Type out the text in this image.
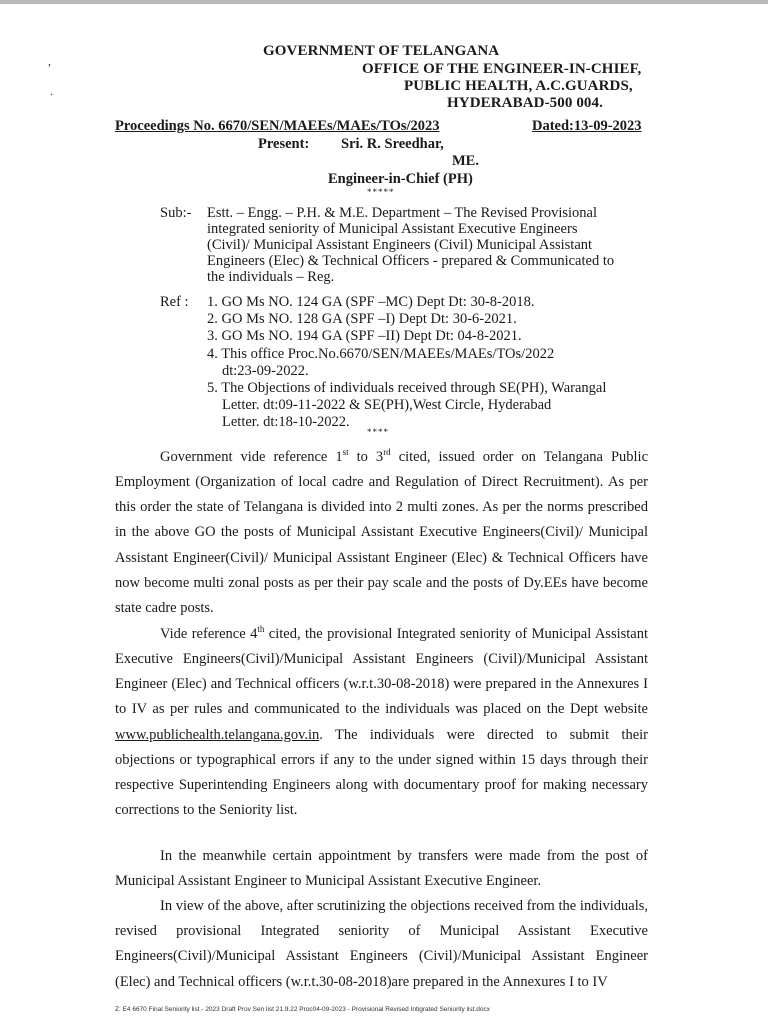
,
.
GOVERNMENT OF TELANGANA
OFFICE OF THE ENGINEER-IN-CHIEF,
PUBLIC HEALTH, A.C.GUARDS,
HYDERABAD-500 004.
Proceedings No. 6670/SEN/MAEEs/MAEs/TOs/2023	Dated:13-09-2023
Present: Sri. R. Sreedhar,
ME.
Engineer-in-Chief (PH)
*****
Sub:- Estt. – Engg. – P.H. & M.E. Department – The Revised Provisional
integrated seniority of Municipal Assistant Executive Engineers
(Civil)/ Municipal Assistant Engineers (Civil) Municipal Assistant
Engineers (Elec) & Technical Officers - prepared & Communicated to
the individuals – Reg.
Ref : 1. GO Ms NO. 124 GA (SPF –MC) Dept Dt: 30-8-2018.
2. GO Ms NO. 128 GA (SPF –I) Dept Dt: 30-6-2021.
3. GO Ms NO. 194 GA (SPF –II) Dept Dt: 04-8-2021.
4. This office Proc.No.6670/SEN/MAEEs/MAEs/TOs/2022
dt:23-09-2022.
5. The Objections of individuals received through SE(PH), Warangal
Letter. dt:09-11-2022 & SE(PH),West Circle, Hyderabad
Letter. dt:18-10-2022.
****

Government vide reference 1st to 3rd cited, issued order on Telangana Public Employment (Organization of local cadre and Regulation of Direct Recruitment). As per this order the state of Telangana is divided into 2 multi zones. As per the norms prescribed in the above GO the posts of Municipal Assistant Executive Engineers(Civil)/ Municipal Assistant Engineer(Civil)/ Municipal Assistant Engineer (Elec) & Technical Officers have now become multi zonal posts as per their pay scale and the posts of Dy.EEs have become state cadre posts.

Vide reference 4th cited, the provisional Integrated seniority of Municipal Assistant Executive Engineers(Civil)/Municipal Assistant Engineers (Civil)/Municipal Assistant Engineer (Elec) and Technical officers (w.r.t.30-08-2018) were prepared in the Annexures I to IV as per rules and communicated to the individuals was placed on the Dept website www.publichealth.telangana.gov.in. The individuals were directed to submit their objections or typographical errors if any to the under signed within 15 days through their respective Superintending Engineers along with documentary proof for making necessary corrections to the Seniority list.

In the meanwhile certain appointment by transfers were made from the post of Municipal Assistant Engineer to Municipal Assistant Executive Engineer.

In view of the above, after scrutinizing the objections received from the individuals, revised provisional Integrated seniority of Municipal Assistant Executive Engineers(Civil)/Municipal Assistant Engineers (Civil)/Municipal Assistant Engineer (Elec) and Technical officers (w.r.t.30-08-2018)are prepared in the Annexures I to IV

Z: E4 6670 Final Seniority list - 2023 Draft Prov Sen list 21.9.22 Proc04-09-2023 - Provisional Revised Intigrated Seniority list.docx
